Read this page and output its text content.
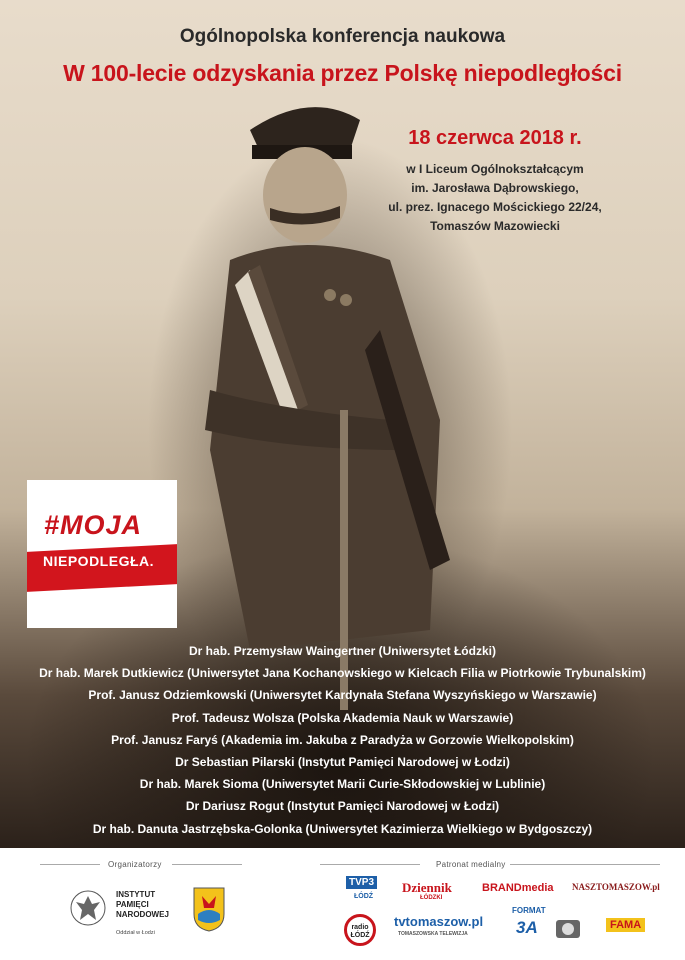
Ogólnopolska konferencja naukowa
W 100-lecie odzyskania przez Polskę niepodległości
18 czerwca 2018 r.
w I Liceum Ogólnokształcącym
im. Jarosława Dąbrowskiego,
ul. prez. Ignacego Mościckiego 22/24,
Tomaszów Mazowiecki
#MOJA
NIEPODLEGŁA.
Dr hab. Przemysław Waingertner (Uniwersytet Łódzki)
Dr hab. Marek Dutkiewicz (Uniwersytet Jana Kochanowskiego w Kielcach Filia w Piotrkowie Trybunalskim)
Prof. Janusz Odziemkowski (Uniwersytet Kardynała Stefana Wyszyńskiego w Warszawie)
Prof. Tadeusz Wolsza (Polska Akademia Nauk w Warszawie)
Prof. Janusz Faryś (Akademia im. Jakuba z Paradyża w Gorzowie Wielkopolskim)
Dr Sebastian Pilarski (Instytut Pamięci Narodowej w Łodzi)
Dr hab. Marek Sioma (Uniwersytet Marii Curie-Skłodowskiej w Lublinie)
Dr Dariusz Rogut (Instytut Pamięci Narodowej w Łodzi)
Dr hab. Danuta Jastrzębska-Golonka (Uniwersytet Kazimierza Wielkiego w Bydgoszczy)
Organizatorzy	Patronat medialny
INSTYTUT
PAMIĘCI
NARODOWEJ
Oddział w Łodzi
TVP3
ŁÓDŹ
Dziennik
ŁÓDZKI
BRANDmedia NASZTOMASZOW.pl
radio ŁÓDŹ
tvtomaszow.pl
TOMASZOWSKA TELEWIZJA
FORMAT
3A	FAMA
